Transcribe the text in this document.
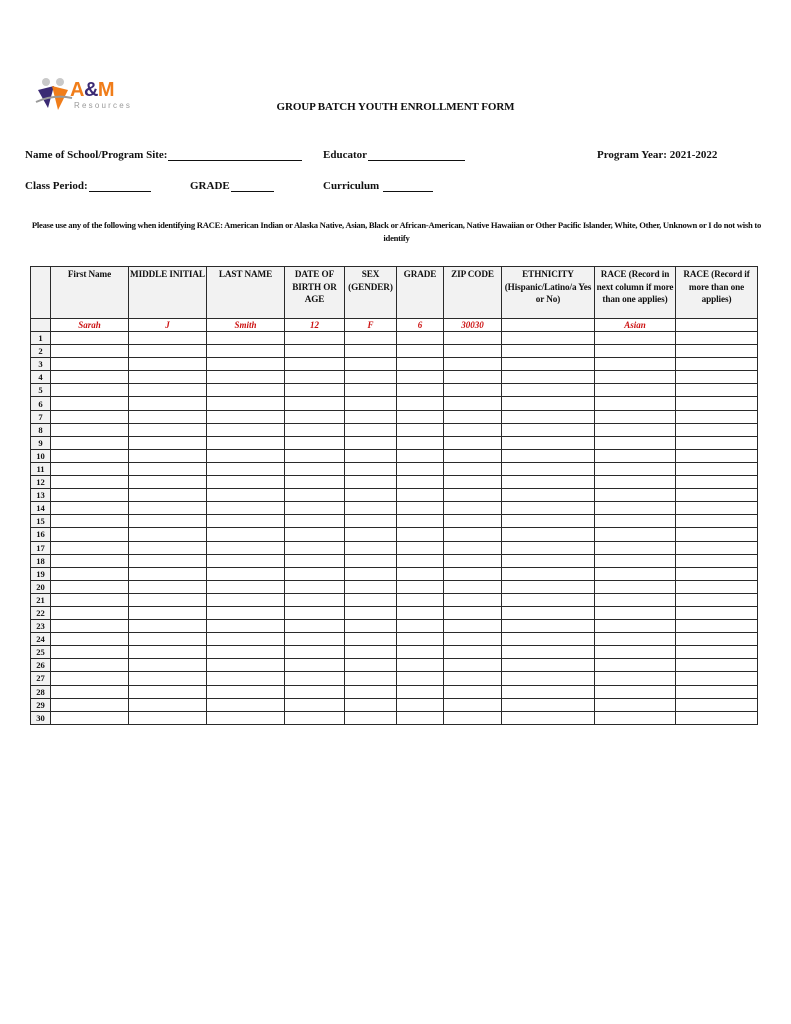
A&M
Resources	GROUP BATCH YOUTH ENROLLMENT FORM
Name of School/Program Site:	Educator	Program Year: 2021-2022
Class Period:	GRADE	Curriculum
Please use any of the following when identifying RACE: American Indian or Alaska Native, Asian, Black or African-American, Native Hawaiian or Other Pacific Islander, White, Other, Unknown or I do not wish to identify
	First Name	MIDDLE INITIAL	LAST NAME	DATE OF BIRTH OR AGE	SEX (GENDER)	GRADE	ZIP CODE	ETHNICITY (Hispanic/Latino/a Yes or No)	RACE (Record in next column if more than one applies)	RACE (Record if more than one applies)
	Sarah	J	Smith	12	F	6	30030		Asian	
1										
2										
3										
4										
5										
6										
7										
8										
9										
10										
11										
12										
13										
14										
15										
16										
17										
18										
19										
20										
21										
22										
23										
24										
25										
26										
27										
28										
29										
30										
